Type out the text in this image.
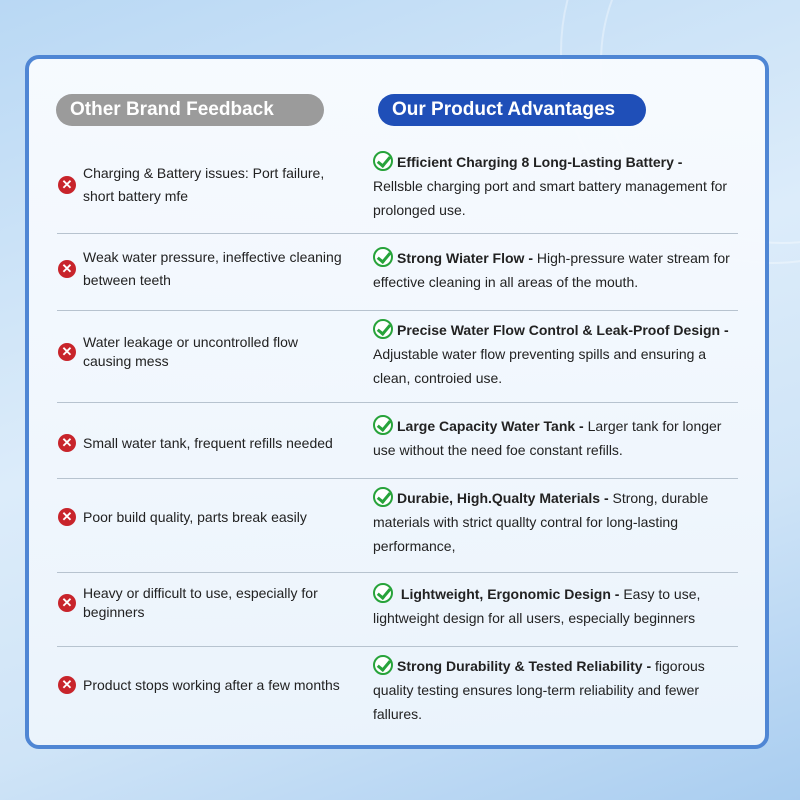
Other Brand Feedback	Our Product Advantages
✕
Charging & Battery issues: Port failure, short battery mfe
Efficient Charging 8 Long-Lasting Battery - Rellsble charging port and smart battery management for prolonged use.
✕
Weak water pressure, ineffective cleaning between teeth
Strong Wiater Flow - High-pressure water stream for effective cleaning in all areas of the mouth.
✕
Water leakage or uncontrolled flow causing mess
Precise Water Flow Control & Leak-Proof Design - Adjustable water flow preventing spills and ensuring a clean, controied use.
✕ Small water tank, frequent refills needed
Large Capacity Water Tank - Larger tank for longer use without the need foe constant refills.
✕ Poor build quality, parts break easily
Durabie, High.Qualty Materials - Strong, durable materials with strict quallty contral for long-lasting performance,
✕
Heavy or difficult to use, especially for beginners
Lightweight, Ergonomic Design - Easy to use, lightweight design for all users, especially beginners
✕ Product stops working after a few months
Strong Durability & Tested Reliability - figorous quality testing ensures long-term reliability and fewer fallures.
